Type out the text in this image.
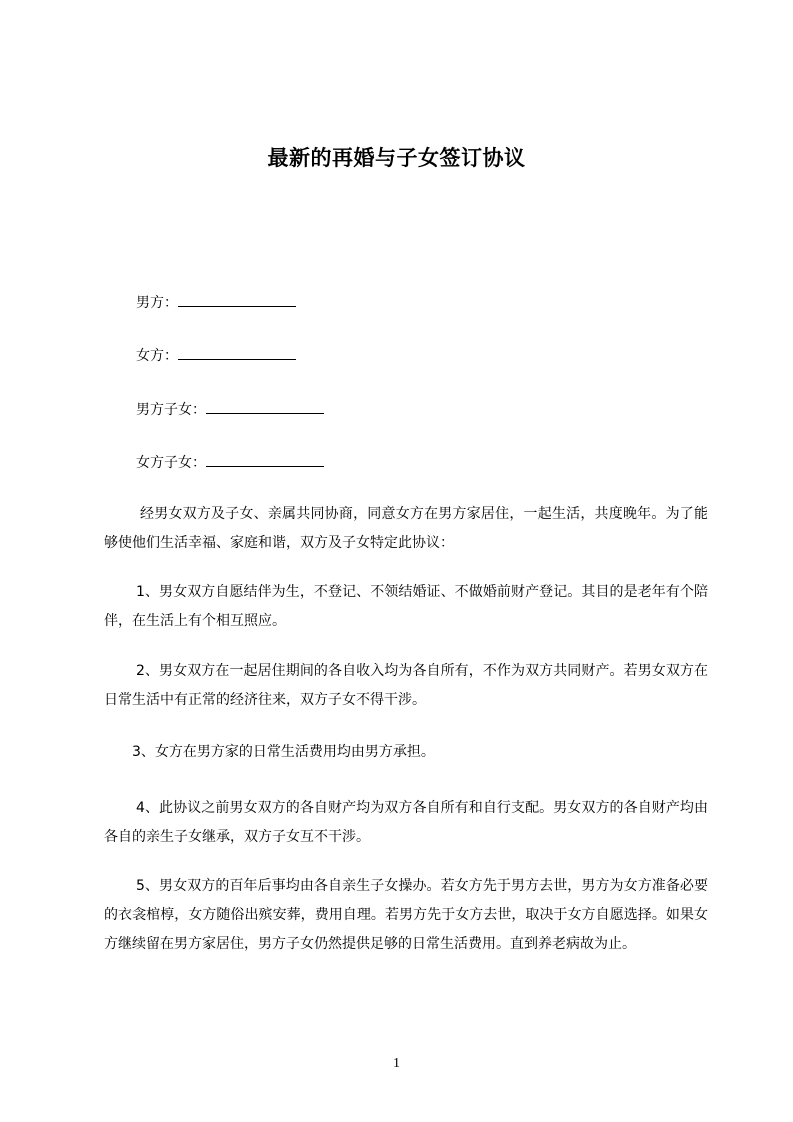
最新的再婚与子女签订协议
男方：
女方：
男方子女：
女方子女：
经男女双方及子女、亲属共同协商，同意女方在男方家居住，一起生活，共度晚年。为了能够使他们生活幸福、家庭和谐，双方及子女特定此协议：
1、男女双方自愿结伴为生，不登记、不领结婚证、不做婚前财产登记。其目的是老年有个陪伴，在生活上有个相互照应。
2、男女双方在一起居住期间的各自收入均为各自所有，不作为双方共同财产。若男女双方在日常生活中有正常的经济往来，双方子女不得干涉。
3、女方在男方家的日常生活费用均由男方承担。
4、此协议之前男女双方的各自财产均为双方各自所有和自行支配。男女双方的各自财产均由各自的亲生子女继承，双方子女互不干涉。
5、男女双方的百年后事均由各自亲生子女操办。若女方先于男方去世，男方为女方准备必要的衣衾棺椁，女方随俗出殡安葬，费用自理。若男方先于女方去世，取决于女方自愿选择。如果女方继续留在男方家居住，男方子女仍然提供足够的日常生活费用。直到养老病故为止。
1
